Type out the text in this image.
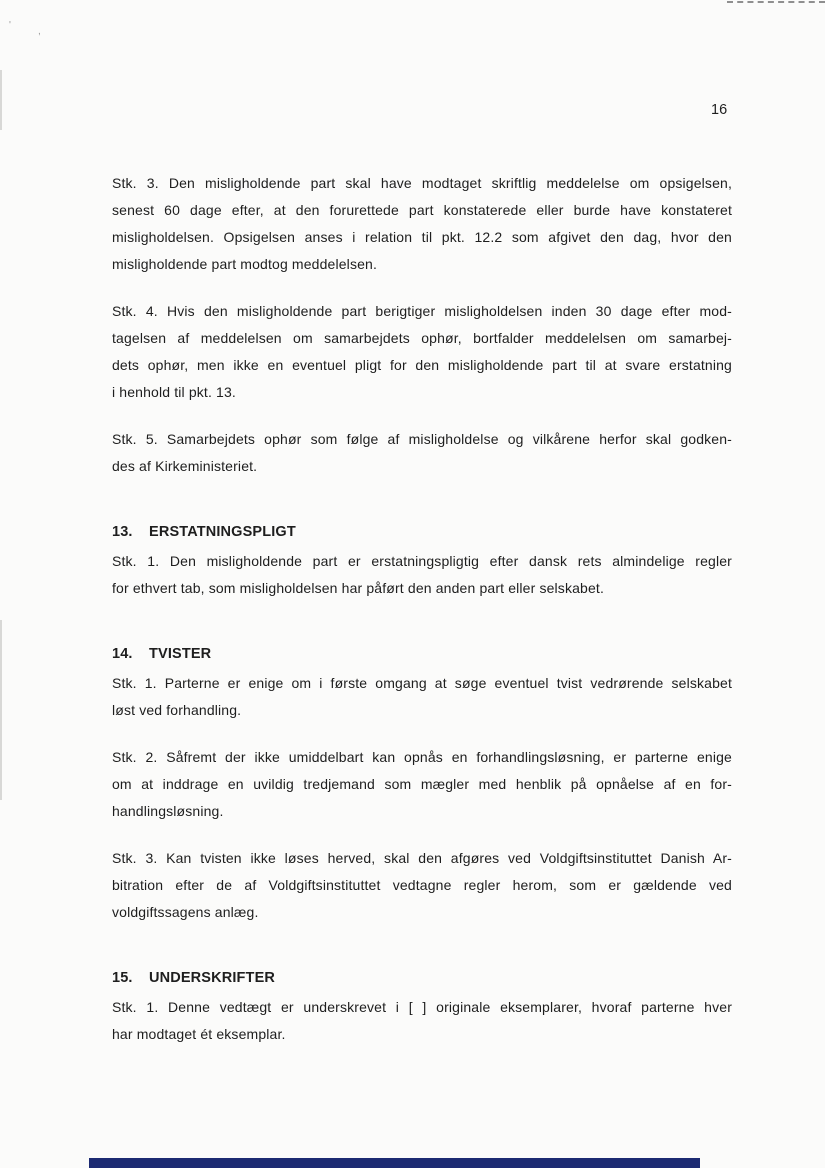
'
,
16
Stk. 3. Den misligholdende part skal have modtaget skriftlig meddelelse om opsigelsen,
senest 60 dage efter, at den forurettede part konstaterede eller burde have konstateret
misligholdelsen. Opsigelsen anses i relation til pkt. 12.2 som afgivet den dag, hvor den
misligholdende part modtog meddelelsen.
Stk. 4. Hvis den misligholdende part berigtiger misligholdelsen inden 30 dage efter mod-
tagelsen af meddelelsen om samarbejdets ophør, bortfalder meddelelsen om samarbej-
dets ophør, men ikke en eventuel pligt for den misligholdende part til at svare erstatning
i henhold til pkt. 13.
Stk. 5. Samarbejdets ophør som følge af misligholdelse og vilkårene herfor skal godken-
des af Kirkeministeriet.
13. ERSTATNINGSPLIGT
Stk. 1. Den misligholdende part er erstatningspligtig efter dansk rets almindelige regler
for ethvert tab, som misligholdelsen har påført den anden part eller selskabet.
14. TVISTER
Stk. 1. Parterne er enige om i første omgang at søge eventuel tvist vedrørende selskabet
løst ved forhandling.
Stk. 2. Såfremt der ikke umiddelbart kan opnås en forhandlingsløsning, er parterne enige
om at inddrage en uvildig tredjemand som mægler med henblik på opnåelse af en for-
handlingsløsning.
Stk. 3. Kan tvisten ikke løses herved, skal den afgøres ved Voldgiftsinstituttet Danish Ar-
bitration efter de af Voldgiftsinstituttet vedtagne regler herom, som er gældende ved
voldgiftssagens anlæg.
15. UNDERSKRIFTER
Stk. 1. Denne vedtægt er underskrevet i [ ] originale eksemplarer, hvoraf parterne hver
har modtaget ét eksemplar.
